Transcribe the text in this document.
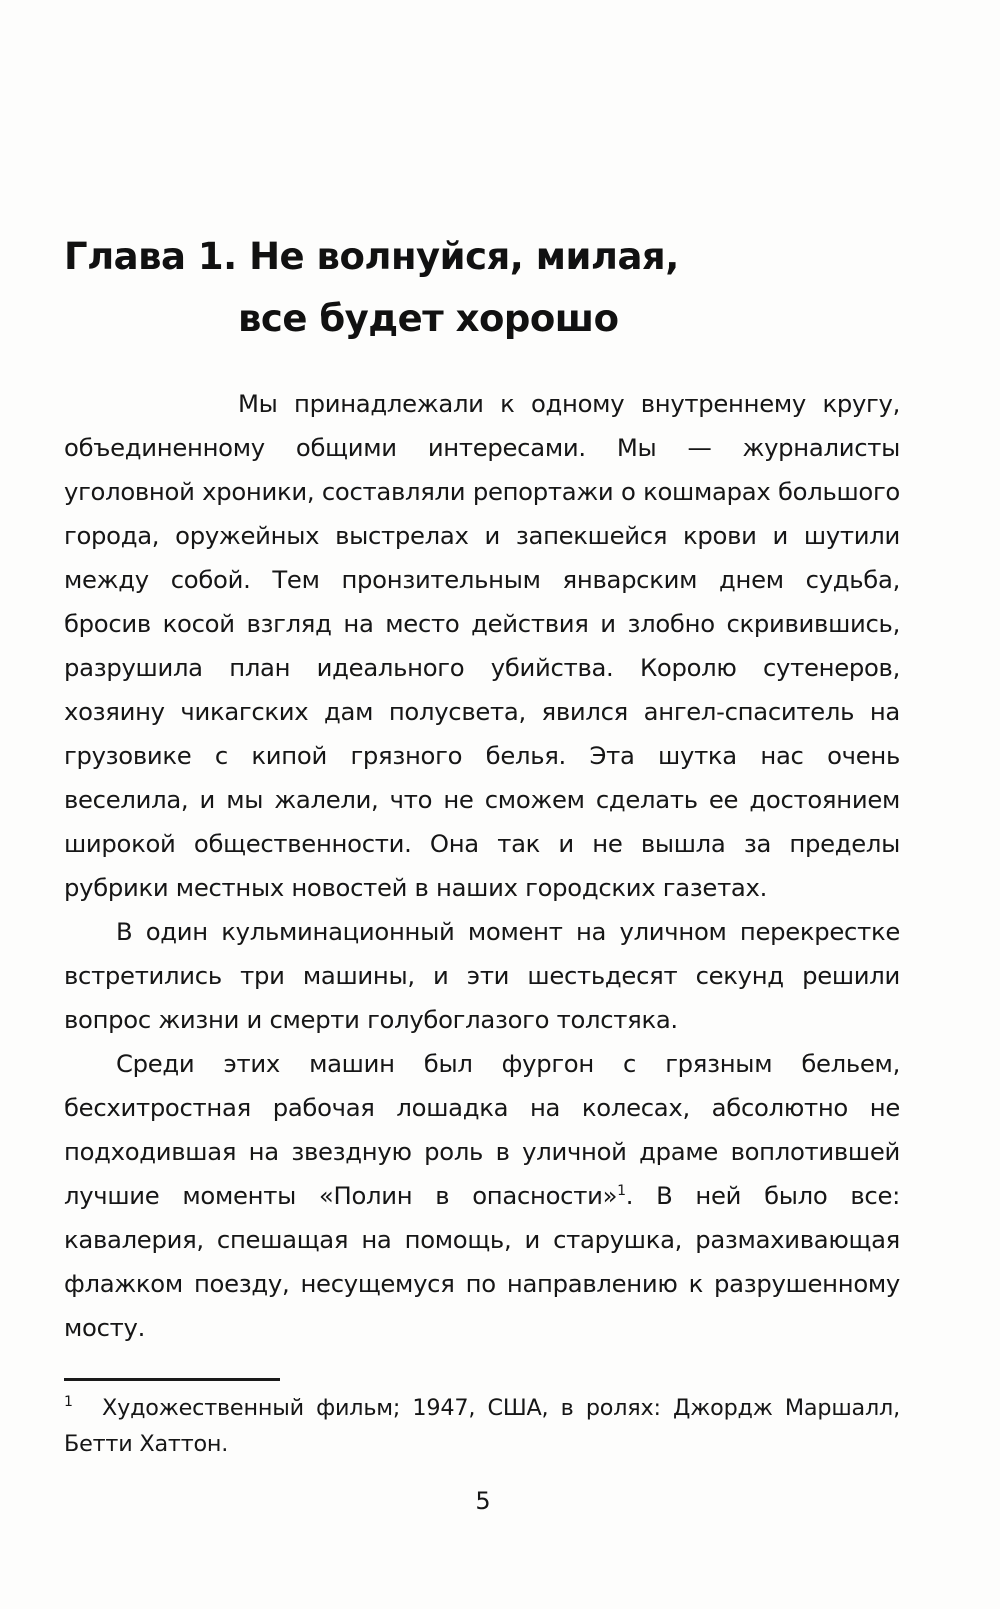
Глава 1. Не волнуйся, милая,
все будет хорошо

Мы принадлежали к одному внутреннему кругу, объединенному общими интересами. Мы — журналисты уголовной хроники, составляли репортажи о кошмарах большого города, оружейных выстрелах и запекшейся крови и шутили между собой. Тем пронзительным январским днем судьба, бросив косой взгляд на место действия и злобно скривившись, разрушила план идеального убийства. Королю сутенеров, хозяину чикагских дам полусвета, явился ангел-спаситель на грузовике с кипой грязного белья. Эта шутка нас очень веселила, и мы жалели, что не сможем сделать ее достоянием широкой общественности. Она так и не вышла за пределы рубрики местных новостей в наших городских газетах.

В один кульминационный момент на уличном перекрестке встретились три машины, и эти шестьдесят секунд решили вопрос жизни и смерти голубоглазого толстяка.

Среди этих машин был фургон с грязным бельем, бесхитростная рабочая лошадка на колесах, абсолютно не подходившая на звездную роль в уличной драме воплотившей лучшие моменты «Полин в опасности»$^1$. В ней было все: кавалерия, спешащая на помощь, и старушка, размахивающая флажком поезду, несущемуся по направлению к разрушенному мосту.

1 Художественный фильм; 1947, США, в ролях: Джордж Маршалл, Бетти Хаттон.
5
